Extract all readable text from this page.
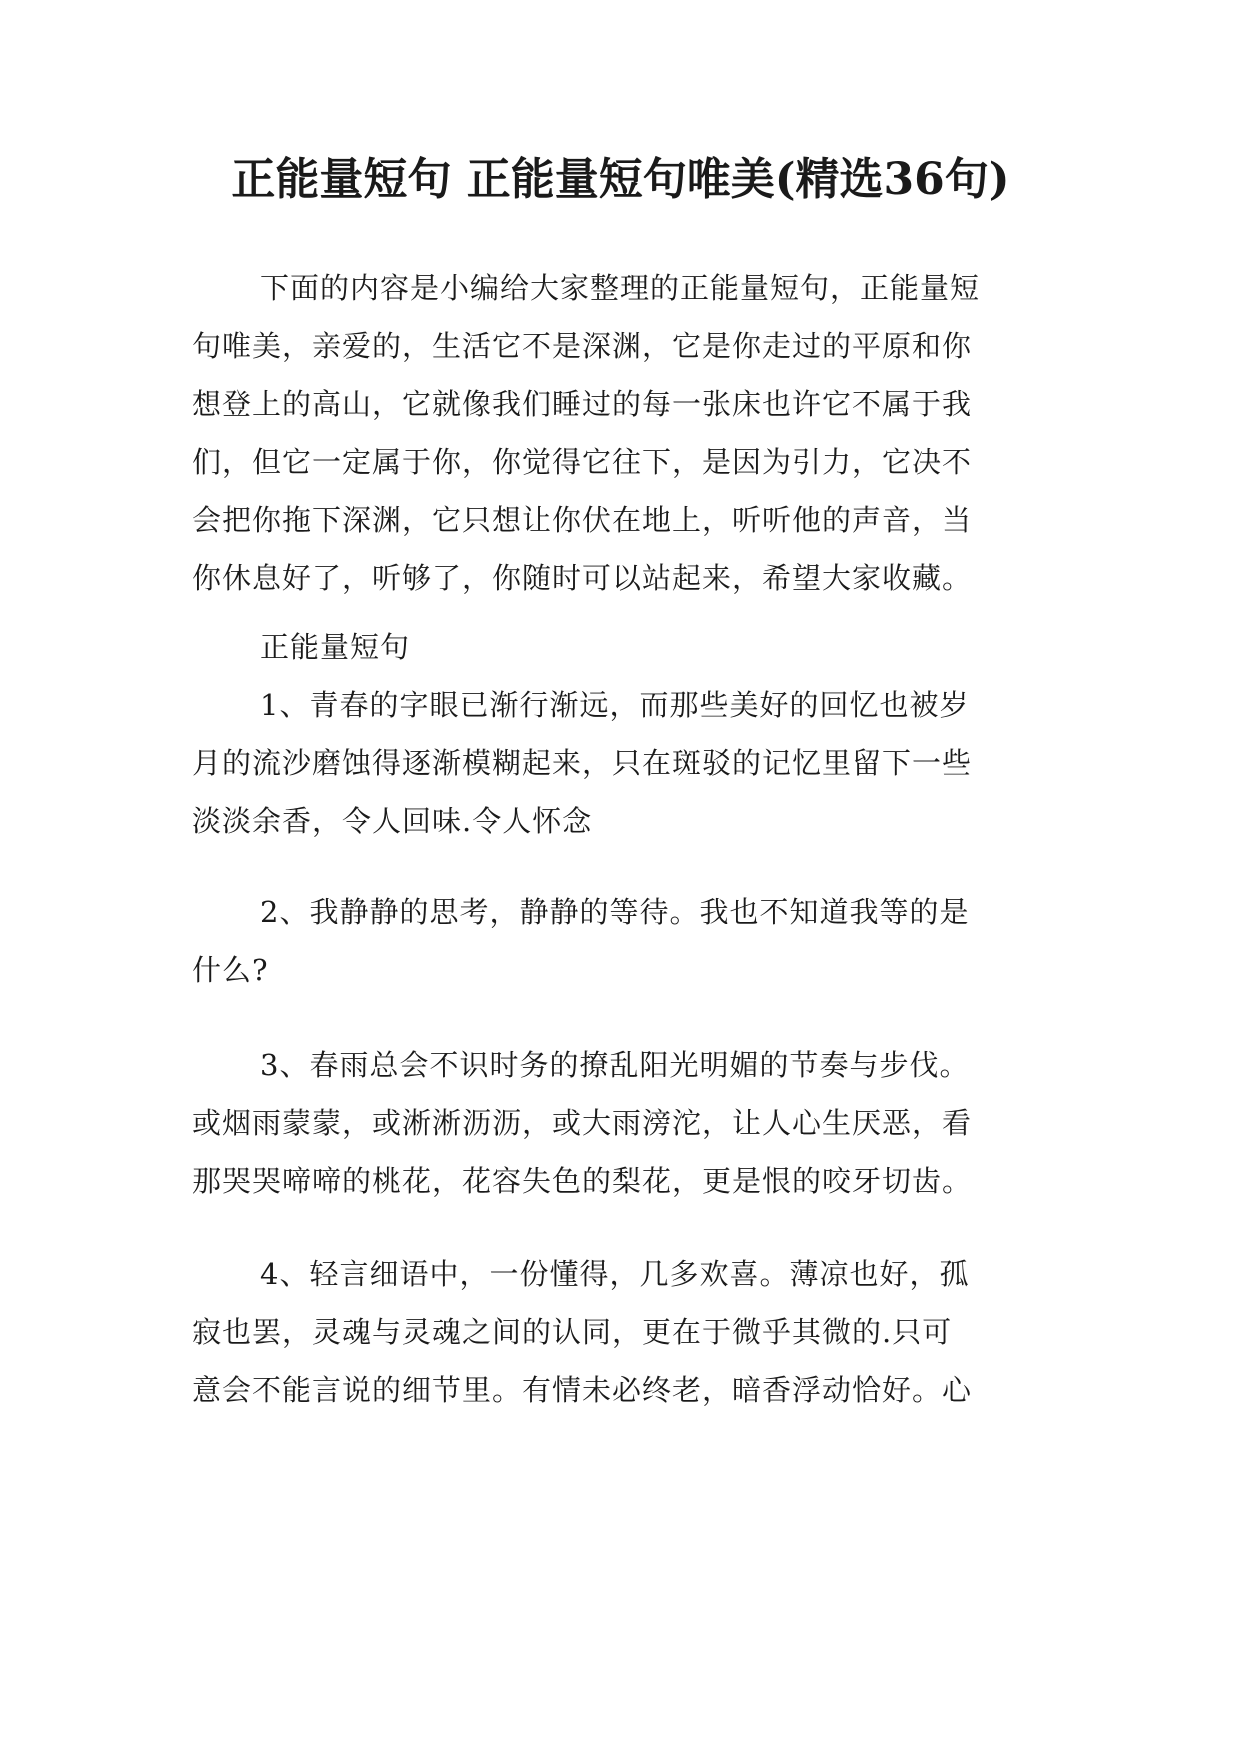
正能量短句 正能量短句唯美(精选36句)
下面的内容是小编给大家整理的正能量短句，正能量短
句唯美，亲爱的，生活它不是深渊，它是你走过的平原和你
想登上的高山，它就像我们睡过的每一张床也许它不属于我
们，但它一定属于你，你觉得它往下，是因为引力，它决不
会把你拖下深渊，它只想让你伏在地上，听听他的声音，当
你休息好了，听够了，你随时可以站起来，希望大家收藏。
正能量短句
1、青春的字眼已渐行渐远，而那些美好的回忆也被岁
月的流沙磨蚀得逐渐模糊起来，只在斑驳的记忆里留下一些
淡淡余香，令人回味.令人怀念
2、我静静的思考，静静的等待。我也不知道我等的是
什么?
3、春雨总会不识时务的撩乱阳光明媚的节奏与步伐。
或烟雨蒙蒙，或淅淅沥沥，或大雨滂沱，让人心生厌恶，看
那哭哭啼啼的桃花，花容失色的梨花，更是恨的咬牙切齿。
4、轻言细语中，一份懂得，几多欢喜。薄凉也好，孤
寂也罢，灵魂与灵魂之间的认同，更在于微乎其微的.只可
意会不能言说的细节里。有情未必终老，暗香浮动恰好。心
